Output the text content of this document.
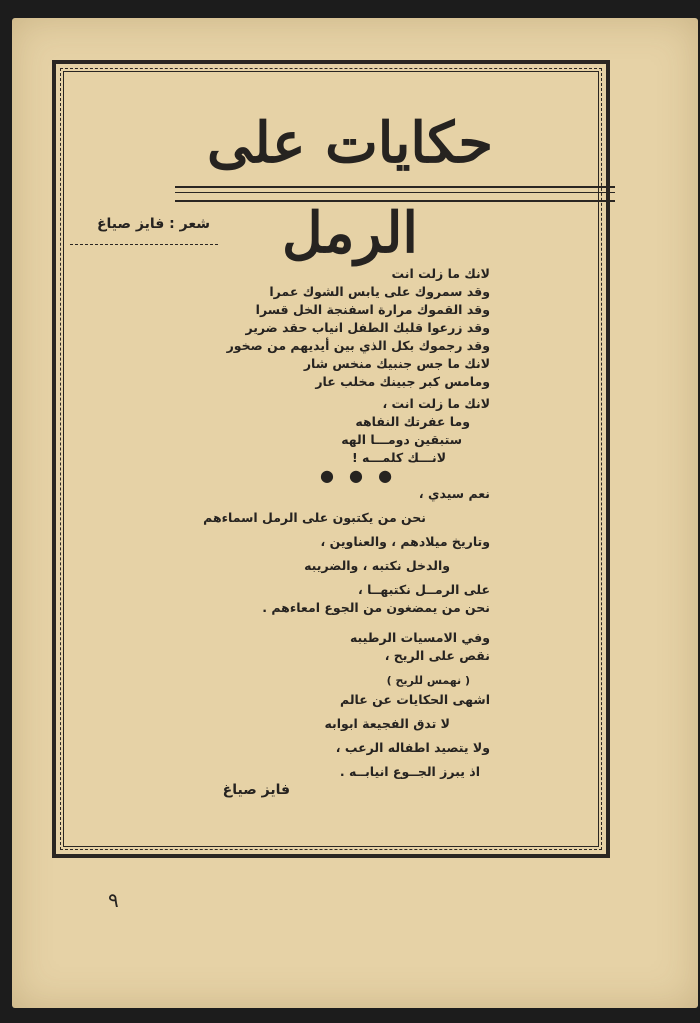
حكايات على الرمل
شعر : فايز صياغ
لانك ما زلت انت
وقد سمروك على يابس الشوك عمرا
وقد القموك مرارة اسفنجة الخل قسرا
وقد زرعوا قلبك الطفل انياب حقد ضرير
وقد رجموك بكل الذي بين أيديهم من صخور
لانك ما جس جنبيك منخس شار
ومامس كبر جبينك مخلب عار
لانك ما زلت انت ،
وما عفرتك النفاهه
ستبقين دومـــا الهه
لانـــك كلمـــه !
نعم سيدي ،
نحن من يكتبون على الرمل اسماءهم
وتاريخ ميلادهم ، والعناوين ،
والدخل نكتبه ، والضريبه
على الرمــل نكتبهــا ،
نحن من يمضغون من الجوع امعاءهم .
وفي الامسيات الرطيبه
نقص على الريح ،
( نهمس للريح )
اشهى الحكايات عن عالم
لا تدق الفجيعة ابوابه
ولا يتصيد اطفاله الرعب ،
اذ يبرز الجــوع انيابــه .
● ● ●
فايز صياغ
٩
